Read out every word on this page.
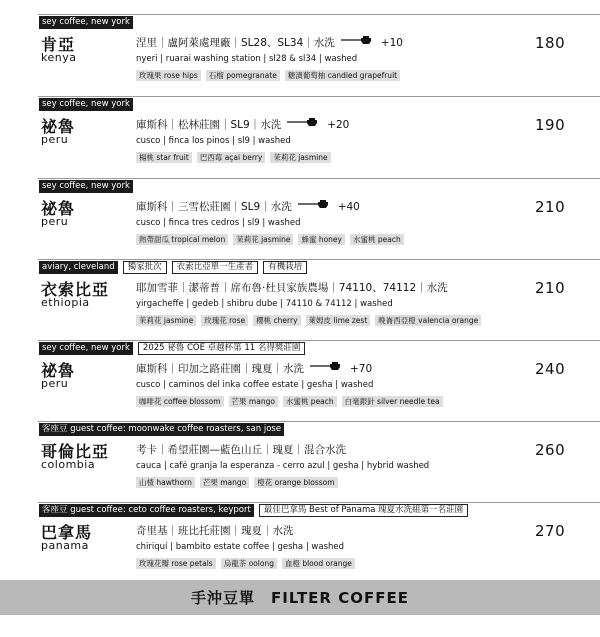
sey coffee, new york
肯亞
kenya
涅里｜盧阿萊處理廠｜SL28、SL34｜水洗	+10
nyeri | ruarai washing station | sl28 & sl34 | washed
玫瑰果 rose hips	石榴 pomegranate	糖漬葡萄柚 candied grapefruit
180
sey coffee, new york
祕魯
peru
庫斯科｜松林莊園｜SL9｜水洗	+20
cusco | finca los pinos | sl9 | washed
楊桃 star fruit	巴西莓 açai berry	茉莉花 jasmine
190
sey coffee, new york
祕魯
peru
庫斯科｜三雪松莊園｜SL9｜水洗	+40
cusco | finca tres cedros | sl9 | washed
熱帶甜瓜 tropical melon	茉莉花 jasmine	蜂蜜 honey	水蜜桃 peach
210
aviary, cleveland	獨家批次	衣索比亞單一生產者	有機栽培
衣索比亞
ethiopia
耶加雪菲｜潔蒂普｜席布魯·杜貝家族農場｜74110、74112｜水洗
yirgacheffe | gedeb | shibru dube | 74110 & 74112 | washed
茉莉花 jasmine	玫瑰花 rose	櫻桃 cherry	萊姆皮 lime zest	晚崙西亞橙 valencia orange
210
sey coffee, new york	2025 祕魯 COE 卓越杯第 11 名得獎莊園
祕魯
peru
庫斯科｜印加之路莊園｜瑰夏｜水洗	+70
cusco | caminos del inka coffee estate | gesha | washed
咖啡花 coffee blossom	芒果 mango	水蜜桃 peach	白毫銀針 silver needle tea
240
客座豆 guest coffee: moonwake coffee roasters, san jose
哥倫比亞
colombia
考卡｜希望莊園—藍色山丘｜瑰夏｜混合水洗
cauca | café granja la esperanza - cerro azul | gesha | hybrid washed
山楂 hawthorn	芒果 mango	橙花 orange blossom
260
客座豆 guest coffee: ceto coffee roasters, keyport	最佳巴拿馬 Best of Panama 瑰夏水洗組第一名莊園
巴拿馬
panama
奇里基｜班比托莊園｜瑰夏｜水洗
chiriquí | bambito estate coffee | gesha | washed
玫瑰花瓣 rose petals	烏龍茶 oolong	血橙 blood orange
270
手沖豆單　FILTER COFFEE
